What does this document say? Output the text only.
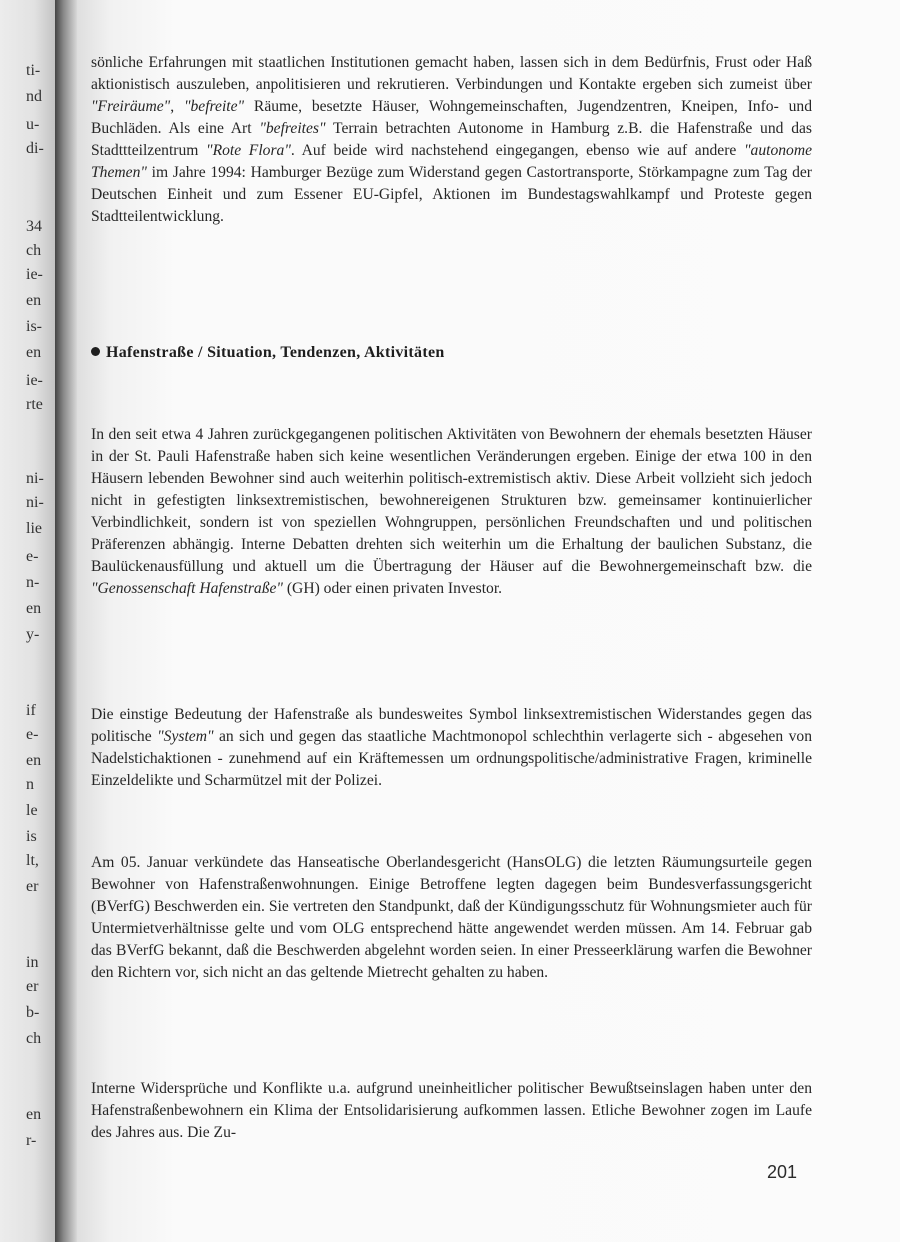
ti-
nd
u-
di-
34
ch
ie-
en
is-
en
ie-
rte
ni-
ni-
lie
e-
n-
en
y-
if
e-
en
n
le
is
lt,
er
in
er
b-
ch
en
r-

sönliche Erfahrungen mit staatlichen Institutionen gemacht haben, lassen sich in dem Bedürfnis, Frust oder Haß aktionistisch auszuleben, anpolitisieren und rekrutieren. Verbindungen und Kontakte ergeben sich zumeist über "Freiräume", "befreite" Räume, besetzte Häuser, Wohngemeinschaften, Jugendzentren, Kneipen, Info- und Buchläden. Als eine Art "befreites" Terrain betrachten Autonome in Hamburg z.B. die Hafenstraße und das Stadttteilzentrum "Rote Flora". Auf beide wird nachstehend eingegangen, ebenso wie auf andere "autonome Themen" im Jahre 1994: Hamburger Bezüge zum Widerstand gegen Castortransporte, Störkampagne zum Tag der Deutschen Einheit und zum Essener EU-Gipfel, Aktionen im Bundestagswahlkampf und Proteste gegen Stadtteilentwicklung.

Hafenstraße / Situation, Tendenzen, Aktivitäten

In den seit etwa 4 Jahren zurückgegangenen politischen Aktivitäten von Bewohnern der ehemals besetzten Häuser in der St. Pauli Hafenstraße haben sich keine wesentlichen Veränderungen ergeben. Einige der etwa 100 in den Häusern lebenden Bewohner sind auch weiterhin politisch-extremistisch aktiv. Diese Arbeit vollzieht sich jedoch nicht in gefestigten linksextremistischen, bewohnereigenen Strukturen bzw. gemeinsamer kontinuierlicher Verbindlichkeit, sondern ist von speziellen Wohngruppen, persönlichen Freundschaften und und politischen Präferenzen abhängig. Interne Debatten drehten sich weiterhin um die Erhaltung der baulichen Substanz, die Baulückenausfüllung und aktuell um die Übertragung der Häuser auf die Bewohnergemeinschaft bzw. die "Genossenschaft Hafenstraße" (GH) oder einen privaten Investor.

Die einstige Bedeutung der Hafenstraße als bundesweites Symbol linksextremistischen Widerstandes gegen das politische "System" an sich und gegen das staatliche Machtmonopol schlechthin verlagerte sich - abgesehen von Nadelstichaktionen - zunehmend auf ein Kräftemessen um ordnungspolitische/administrative Fragen, kriminelle Einzeldelikte und Scharmützel mit der Polizei.

Am 05. Januar verkündete das Hanseatische Oberlandesgericht (HansOLG) die letzten Räumungsurteile gegen Bewohner von Hafenstraßenwohnungen. Einige Betroffene legten dagegen beim Bundesverfassungsgericht (BVerfG) Beschwerden ein. Sie vertreten den Standpunkt, daß der Kündigungsschutz für Wohnungsmieter auch für Untermietverhältnisse gelte und vom OLG entsprechend hätte angewendet werden müssen. Am 14. Februar gab das BVerfG bekannt, daß die Beschwerden abgelehnt worden seien. In einer Presseerklärung warfen die Bewohner den Richtern vor, sich nicht an das geltende Mietrecht gehalten zu haben.

Interne Widersprüche und Konflikte u.a. aufgrund uneinheitlicher politischer Bewußtseinslagen haben unter den Hafenstraßenbewohnern ein Klima der Entsolidarisierung aufkommen lassen. Etliche Bewohner zogen im Laufe des Jahres aus. Die Zu-

201
